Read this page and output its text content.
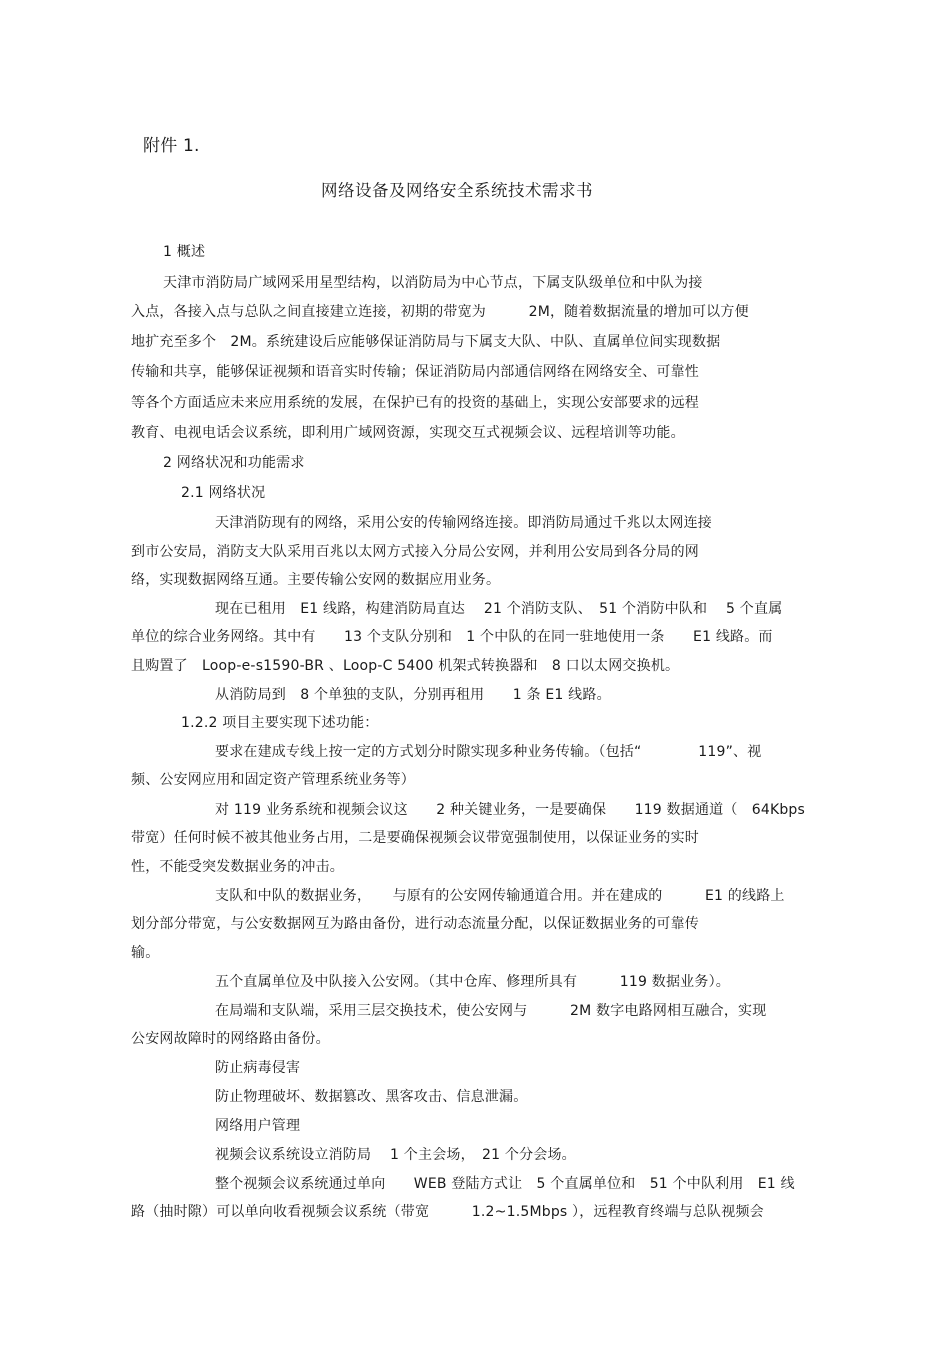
附件 1.
网络设备及网络安全系统技术需求书
1 概述
天津市消防局广域网采用星型结构，以消防局为中心节点，下属支队级单位和中队为接
入点，各接入点与总队之间直接建立连接，初期的带宽为　　　2M，随着数据流量的增加可以方便
地扩充至多个　2M。系统建设后应能够保证消防局与下属支大队、中队、直属单位间实现数据
传输和共享，能够保证视频和语音实时传输；保证消防局内部通信网络在网络安全、可靠性
等各个方面适应未来应用系统的发展，在保护已有的投资的基础上，实现公安部要求的远程
教育、电视电话会议系统，即利用广域网资源，实现交互式视频会议、远程培训等功能。
2 网络状况和功能需求
2.1 网络状况
天津消防现有的网络，采用公安的传输网络连接。即消防局通过千兆以太网连接
到市公安局，消防支大队采用百兆以太网方式接入分局公安网，并利用公安局到各分局的网
络，实现数据网络互通。主要传输公安网的数据应用业务。
现在已租用　E1 线路，构建消防局直达　 21 个消防支队、　51 个消防中队和　 5 个直属
单位的综合业务网络。其中有　　13 个支队分别和　1 个中队的在同一驻地使用一条　　E1 线路。而
且购置了　Loop-e-s1590-BR 、Loop-C 5400 机架式转换器和　8 口以太网交换机。
从消防局到　8 个单独的支队，分别再租用　　1 条 E1 线路。
1.2.2 项目主要实现下述功能：
要求在建成专线上按一定的方式划分时隙实现多种业务传输。（包括“　　　　119”、视
频、公安网应用和固定资产管理系统业务等）
对 119 业务系统和视频会议这　　2 种关键业务，一是要确保　　119 数据通道（　64Kbps
带宽）任何时候不被其他业务占用，二是要确保视频会议带宽强制使用，以保证业务的实时
性，不能受突发数据业务的冲击。
支队和中队的数据业务，　　与原有的公安网传输通道合用。并在建成的　　　E1 的线路上
划分部分带宽，与公安数据网互为路由备份，进行动态流量分配，以保证数据业务的可靠传
输。
五个直属单位及中队接入公安网。（其中仓库、修理所具有　　　119 数据业务）。
在局端和支队端，采用三层交换技术，使公安网与　　　2M 数字电路网相互融合，实现
公安网故障时的网络路由备份。
防止病毒侵害
防止物理破坏、数据篡改、黑客攻击、信息泄漏。
网络用户管理
视频会议系统设立消防局　 1 个主会场，　21 个分会场。
整个视频会议系统通过单向　　WEB 登陆方式让　5 个直属单位和　51 个中队利用　E1 线
路（抽时隙）可以单向收看视频会议系统（带宽　　　1.2~1.5Mbps ），远程教育终端与总队视频会
